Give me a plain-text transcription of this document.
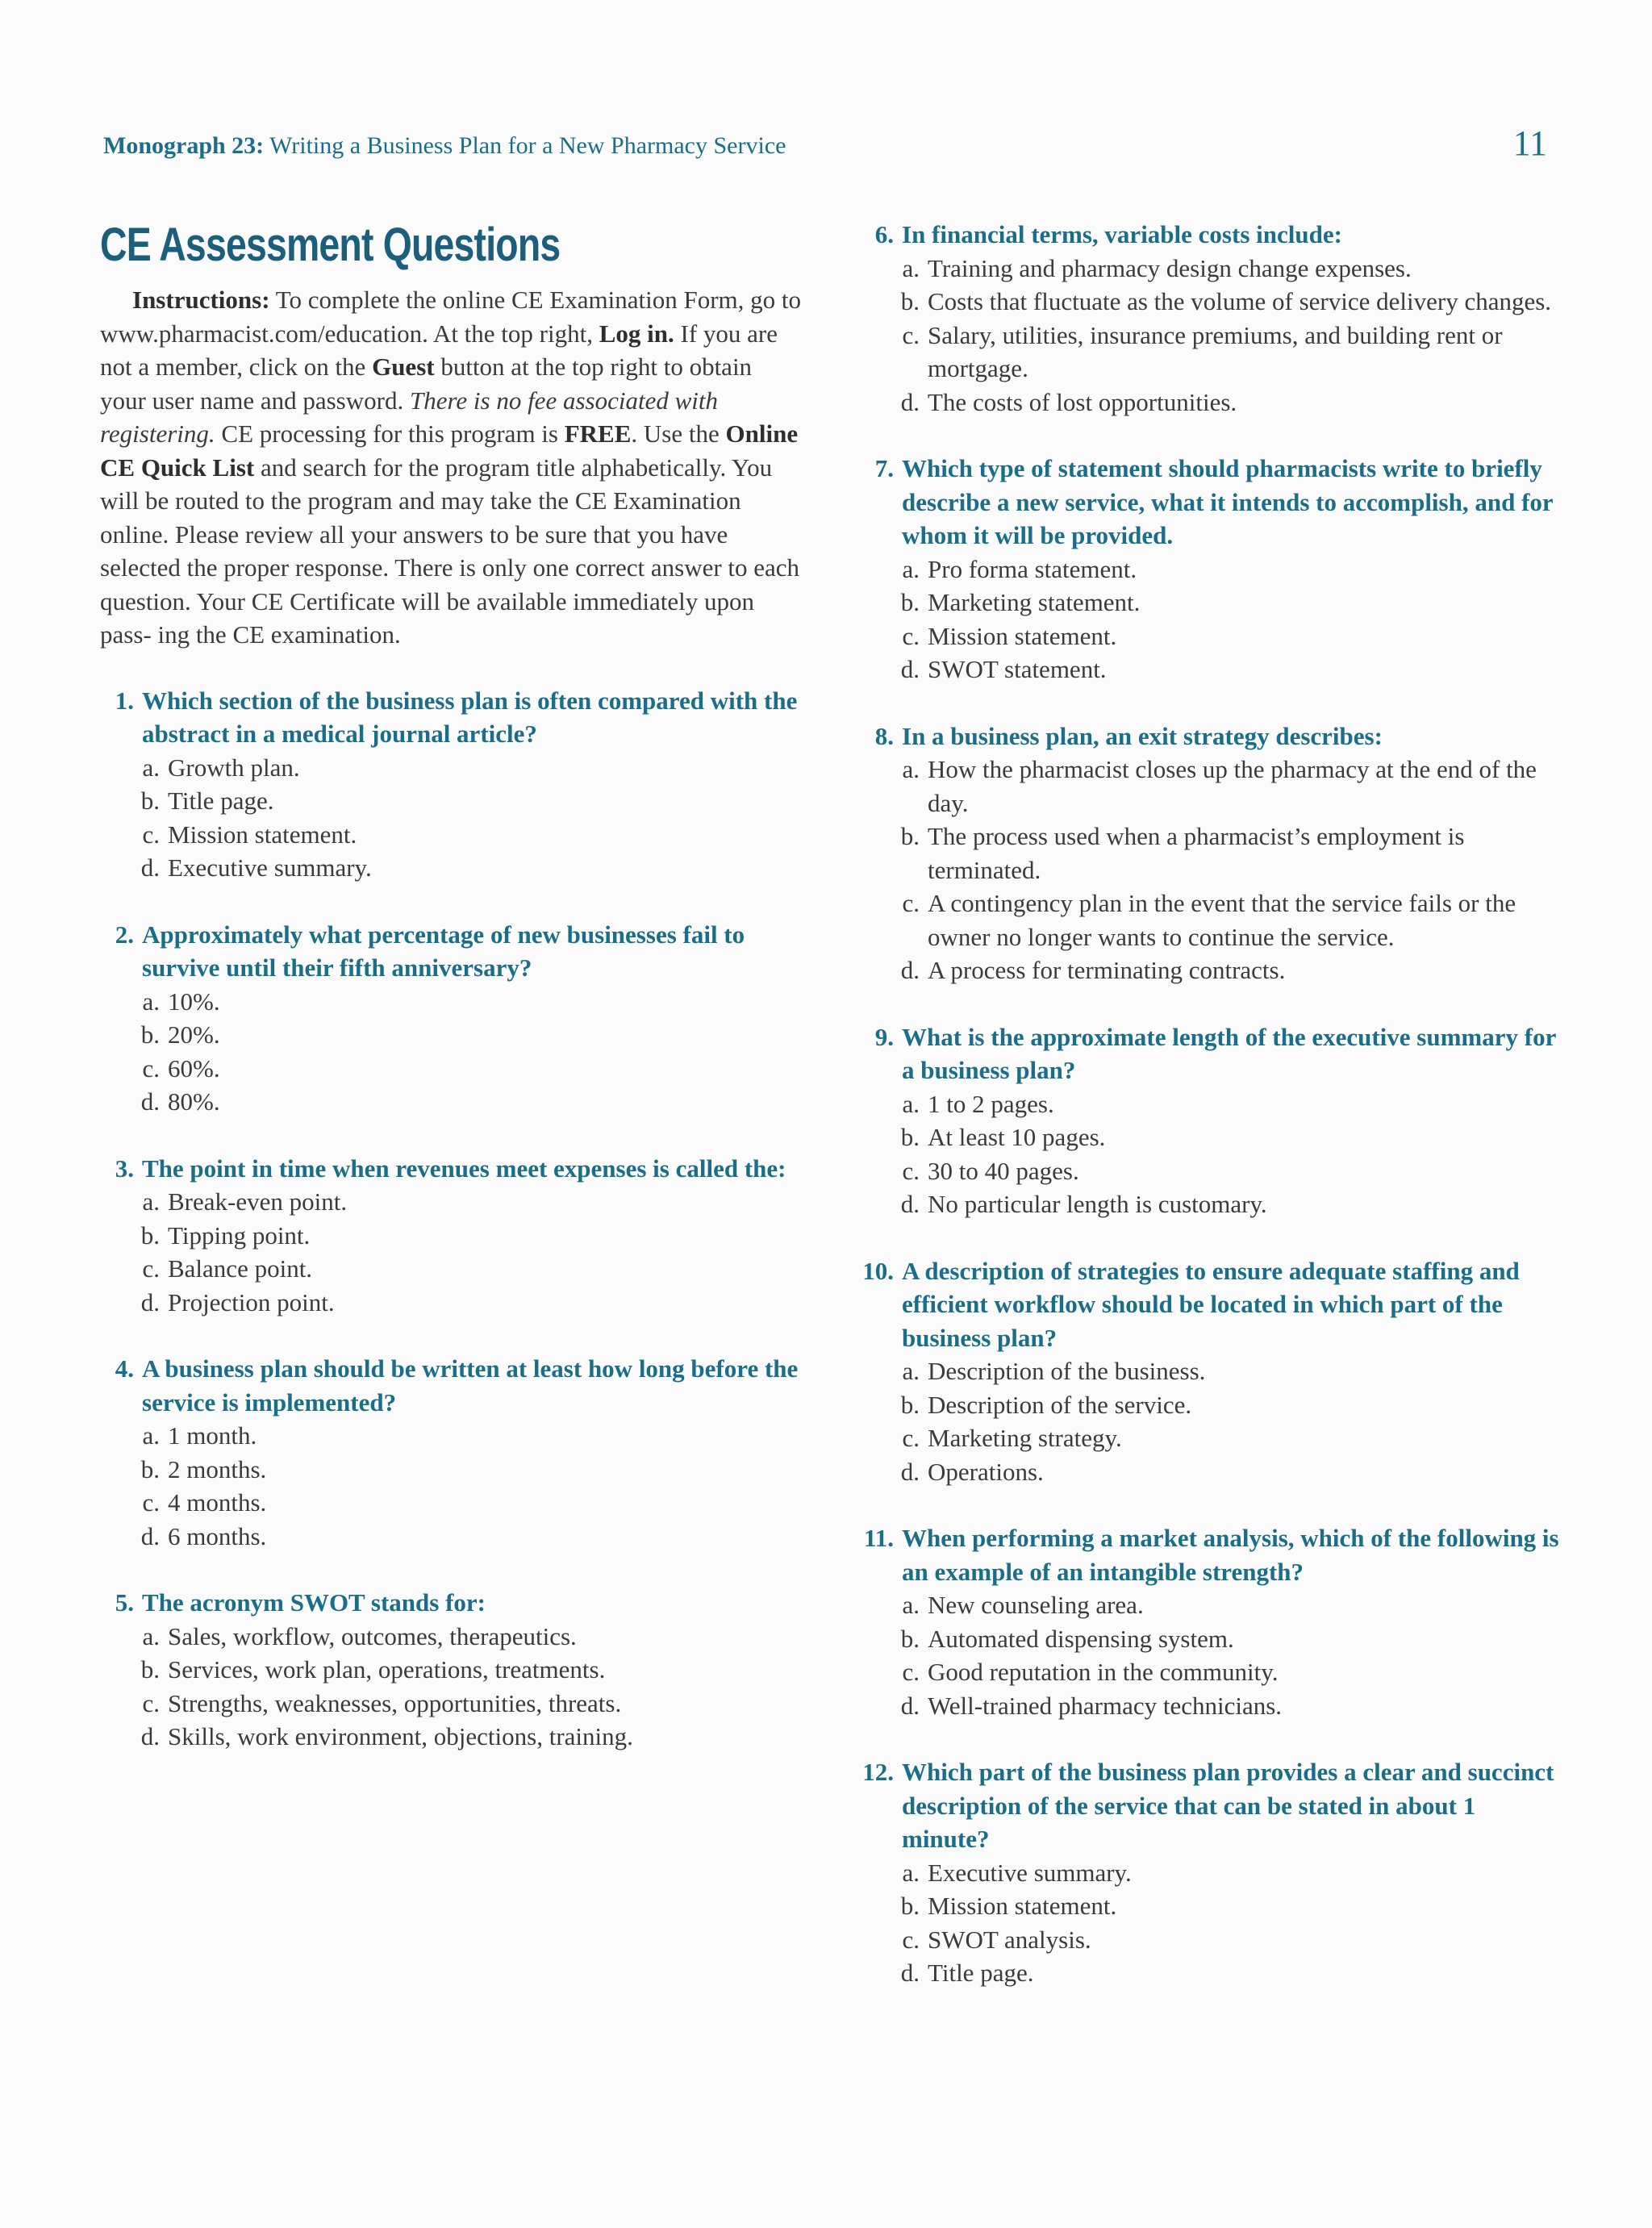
Monograph 23: Writing a Business Plan for a New Pharmacy Service	11
CE Assessment Questions

Instructions: To complete the online CE Examination Form, go to www.pharmacist.com/education. At the top right, Log in. If you are not a member, click on the Guest button at the top right to obtain your user name and password. There is no fee associated with registering. CE processing for this program is FREE. Use the Online CE Quick List and search for the program title alphabetically. You will be routed to the program and may take the CE Examination online. Please review all your answers to be sure that you have selected the proper response. There is only one correct answer to each question. Your CE Certificate will be available immediately upon pass- ing the CE examination.

1. Which section of the business plan is often compared with the abstract in a medical journal article?
a. Growth plan.
b. Title page.
c. Mission statement.
d. Executive summary.
2. Approximately what percentage of new businesses fail to survive until their fifth anniversary?
a. 10%.
b. 20%.
c. 60%.
d. 80%.
3. The point in time when revenues meet expenses is called the:
a. Break-even point.
b. Tipping point.
c. Balance point.
d. Projection point.
4. A business plan should be written at least how long before the service is implemented?
a. 1 month.
b. 2 months.
c. 4 months.
d. 6 months.
5. The acronym SWOT stands for:
a. Sales, workflow, outcomes, therapeutics.
b. Services, work plan, operations, treatments.
c. Strengths, weaknesses, opportunities, threats.
d. Skills, work environment, objections, training.
6. In financial terms, variable costs include:
a. Training and pharmacy design change expenses.
b. Costs that fluctuate as the volume of service delivery changes.
c. Salary, utilities, insurance premiums, and building rent or mortgage.
d. The costs of lost opportunities.
7. Which type of statement should pharmacists write to briefly describe a new service, what it intends to accomplish, and for whom it will be provided.
a. Pro forma statement.
b. Marketing statement.
c. Mission statement.
d. SWOT statement.
8. In a business plan, an exit strategy describes:
a. How the pharmacist closes up the pharmacy at the end of the day.
b. The process used when a pharmacist’s employment is terminated.
c. A contingency plan in the event that the service fails or the owner no longer wants to continue the service.
d. A process for terminating contracts.
9. What is the approximate length of the executive summary for a business plan?
a. 1 to 2 pages.
b. At least 10 pages.
c. 30 to 40 pages.
d. No particular length is customary.
10. A description of strategies to ensure adequate staffing and efficient workflow should be located in which part of the business plan?
a. Description of the business.
b. Description of the service.
c. Marketing strategy.
d. Operations.
11. When performing a market analysis, which of the following is an example of an intangible strength?
a. New counseling area.
b. Automated dispensing system.
c. Good reputation in the community.
d. Well-trained pharmacy technicians.
12. Which part of the business plan provides a clear and succinct description of the service that can be stated in about 1 minute?
a. Executive summary.
b. Mission statement.
c. SWOT analysis.
d. Title page.
